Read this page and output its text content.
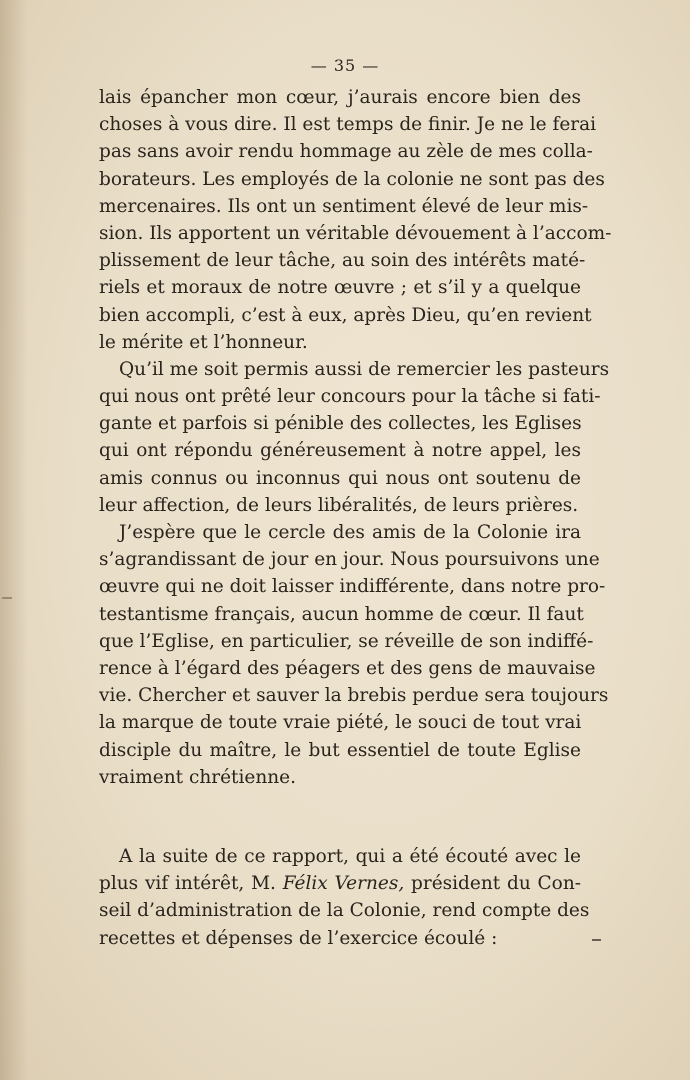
— 35 —
lais épancher mon cœur, j’aurais encore bien des
choses à vous dire. Il est temps de finir. Je ne le ferai
pas sans avoir rendu hommage au zèle de mes colla-
borateurs. Les employés de la colonie ne sont pas des
mercenaires. Ils ont un sentiment élevé de leur mis-
sion. Ils apportent un véritable dévouement à l’accom-
plissement de leur tâche, au soin des intérêts maté-
riels et moraux de notre œuvre ; et s’il y a quelque
bien accompli, c’est à eux, après Dieu, qu’en revient
le mérite et l’honneur.
Qu’il me soit permis aussi de remercier les pasteurs
qui nous ont prêté leur concours pour la tâche si fati-
gante et parfois si pénible des collectes, les Eglises
qui ont répondu généreusement à notre appel, les
amis connus ou inconnus qui nous ont soutenu de
leur affection, de leurs libéralités, de leurs prières.
J’espère que le cercle des amis de la Colonie ira
s’agrandissant de jour en jour. Nous poursuivons une
œuvre qui ne doit laisser indifférente, dans notre pro-
testantisme français, aucun homme de cœur. Il faut
que l’Eglise, en particulier, se réveille de son indiffé-
rence à l’égard des péagers et des gens de mauvaise
vie. Chercher et sauver la brebis perdue sera toujours
la marque de toute vraie piété, le souci de tout vrai
disciple du maître, le but essentiel de toute Eglise
vraiment chrétienne.
A la suite de ce rapport, qui a été écouté avec le
plus vif intérêt, M. Félix Vernes, président du Con-
seil d’administration de la Colonie, rend compte des
recettes et dépenses de l’exercice écoulé :
